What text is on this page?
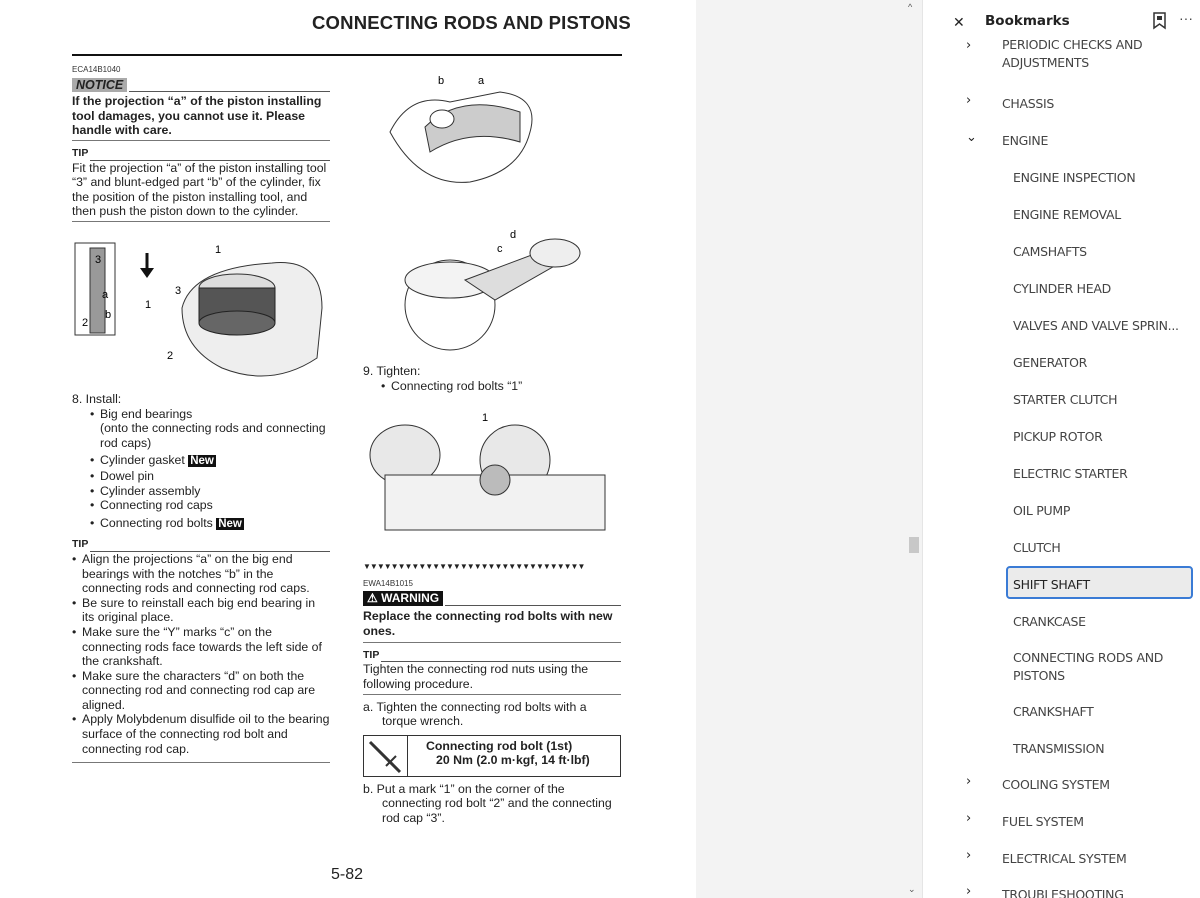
CONNECTING RODS AND PISTONS
ECA14B1040
NOTICE
If the projection “a” of the piston installing tool damages, you cannot use it. Please handle with care.
TIP
Fit the projection “a” of the piston installing tool “3” and blunt-edged part “b” of the cylinder, fix the position of the piston installing tool, and then push the piston down to the cylinder.
3
a
b
1
2
1
3
2
8. Install:
• Big end bearings
(onto the connecting rods and connecting rod caps)
• Cylinder gasket New
• Dowel pin
• Cylinder assembly
• Connecting rod caps
• Connecting rod bolts New
TIP
• Align the projections “a” on the big end bearings with the notches “b” in the connecting rods and connecting rod caps.
• Be sure to reinstall each big end bearing in its original place.
• Make sure the “Y” marks “c” on the connecting rods face towards the left side of the crankshaft.
• Make sure the characters “d” on both the connecting rod and connecting rod cap are aligned.
• Apply Molybdenum disulfide oil to the bearing surface of the connecting rod bolt and connecting rod cap.
b	a
d
c
9. Tighten:
• Connecting rod bolts “1”
1
▼▼▼▼▼▼▼▼▼▼▼▼▼▼▼▼▼▼▼▼▼▼▼▼▼▼▼▼▼▼▼▼
EWA14B1015
⚠ WARNING
Replace the connecting rod bolts with new ones.
TIP
Tighten the connecting rod nuts using the following procedure.
a. Tighten the connecting rod bolts with a torque wrench.
Connecting rod bolt (1st)
20 Nm (2.0 m·kgf, 14 ft·lbf)
b. Put a mark “1” on the corner of the connecting rod bolt “2” and the connecting rod cap “3”.
5-82
^
⌄
✕ Bookmarks	···
› PERIODIC CHECKS AND ADJUSTMENTS
› CHASSIS
⌄ ENGINE
ENGINE INSPECTION
ENGINE REMOVAL
CAMSHAFTS
CYLINDER HEAD
VALVES AND VALVE SPRIN...
GENERATOR
STARTER CLUTCH
PICKUP ROTOR
ELECTRIC STARTER
OIL PUMP
CLUTCH
SHIFT SHAFT
CRANKCASE
CONNECTING RODS AND PISTONS
CRANKSHAFT
TRANSMISSION
› COOLING SYSTEM
› FUEL SYSTEM
› ELECTRICAL SYSTEM
› TROUBLESHOOTING
